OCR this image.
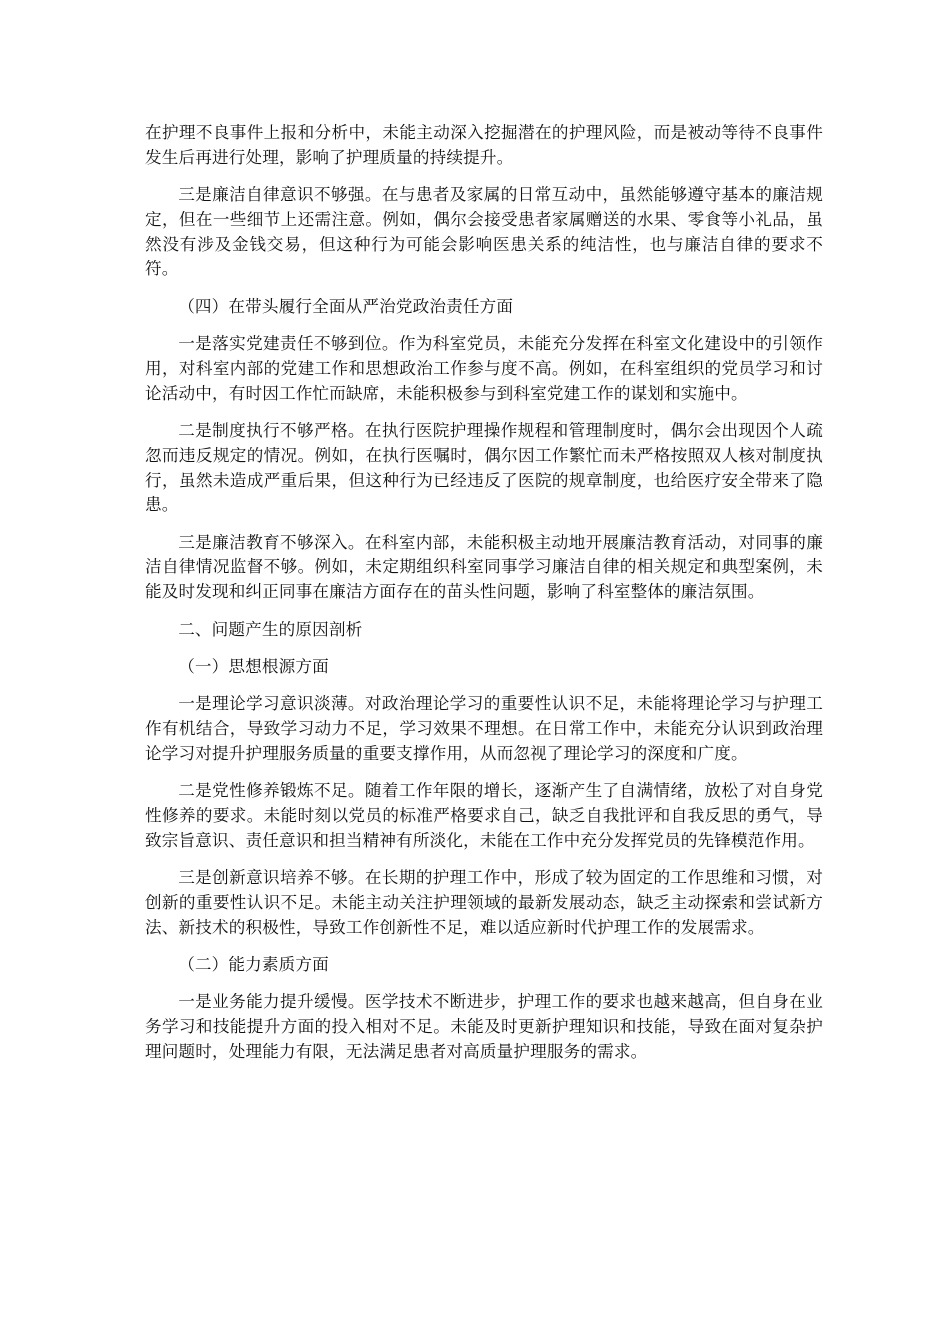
在护理不良事件上报和分析中，未能主动深入挖掘潜在的护理风险，而是被动等待不良事件发生后再进行处理，影响了护理质量的持续提升。

三是廉洁自律意识不够强。在与患者及家属的日常互动中，虽然能够遵守基本的廉洁规定，但在一些细节上还需注意。例如，偶尔会接受患者家属赠送的水果、零食等小礼品，虽然没有涉及金钱交易，但这种行为可能会影响医患关系的纯洁性，也与廉洁自律的要求不符。

（四）在带头履行全面从严治党政治责任方面

一是落实党建责任不够到位。作为科室党员，未能充分发挥在科室文化建设中的引领作用，对科室内部的党建工作和思想政治工作参与度不高。例如，在科室组织的党员学习和讨论活动中，有时因工作忙而缺席，未能积极参与到科室党建工作的谋划和实施中。

二是制度执行不够严格。在执行医院护理操作规程和管理制度时，偶尔会出现因个人疏忽而违反规定的情况。例如，在执行医嘱时，偶尔因工作繁忙而未严格按照双人核对制度执行，虽然未造成严重后果，但这种行为已经违反了医院的规章制度，也给医疗安全带来了隐患。

三是廉洁教育不够深入。在科室内部，未能积极主动地开展廉洁教育活动，对同事的廉洁自律情况监督不够。例如，未定期组织科室同事学习廉洁自律的相关规定和典型案例，未能及时发现和纠正同事在廉洁方面存在的苗头性问题，影响了科室整体的廉洁氛围。

二、问题产生的原因剖析

（一）思想根源方面

一是理论学习意识淡薄。对政治理论学习的重要性认识不足，未能将理论学习与护理工作有机结合，导致学习动力不足，学习效果不理想。在日常工作中，未能充分认识到政治理论学习对提升护理服务质量的重要支撑作用，从而忽视了理论学习的深度和广度。

二是党性修养锻炼不足。随着工作年限的增长，逐渐产生了自满情绪，放松了对自身党性修养的要求。未能时刻以党员的标准严格要求自己，缺乏自我批评和自我反思的勇气，导致宗旨意识、责任意识和担当精神有所淡化，未能在工作中充分发挥党员的先锋模范作用。

三是创新意识培养不够。在长期的护理工作中，形成了较为固定的工作思维和习惯，对创新的重要性认识不足。未能主动关注护理领域的最新发展动态，缺乏主动探索和尝试新方法、新技术的积极性，导致工作创新性不足，难以适应新时代护理工作的发展需求。

（二）能力素质方面

一是业务能力提升缓慢。医学技术不断进步，护理工作的要求也越来越高，但自身在业务学习和技能提升方面的投入相对不足。未能及时更新护理知识和技能，导致在面对复杂护理问题时，处理能力有限，无法满足患者对高质量护理服务的需求。
